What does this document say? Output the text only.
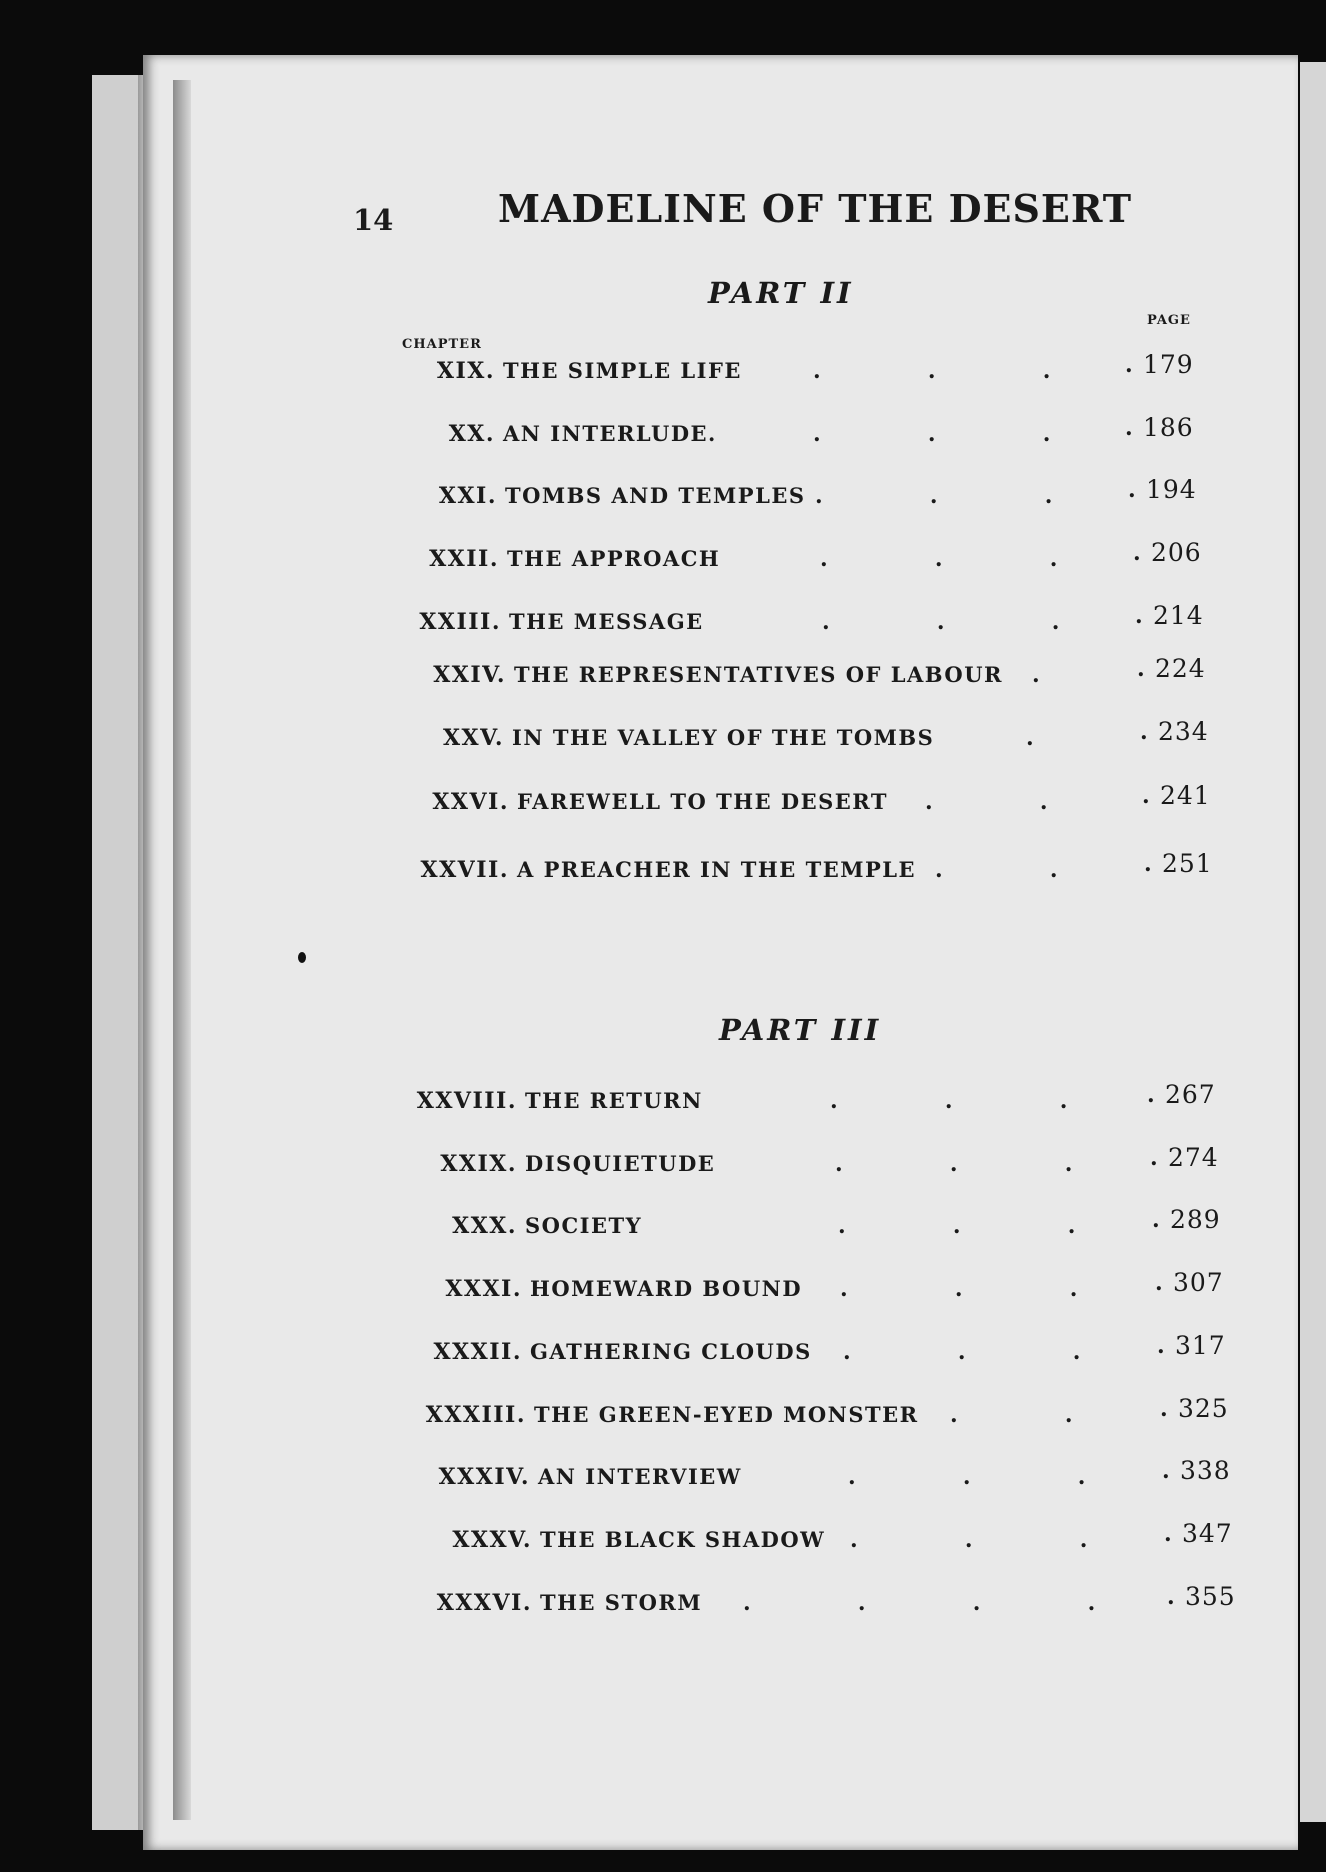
14	MADELINE OF THE DESERT
PART II
CHAPTER
PAGE
XIX. THE SIMPLE LIFE	.              .              .	179
.
XX. AN INTERLUDE.	.              .              .	186
.
XXI. TOMBS AND TEMPLES .              .              .	194
.
XXII. THE APPROACH	.              .              .	206
.
XXIII. THE MESSAGE	.              .              .	214
.
XXIV. THE REPRESENTATIVES OF LABOUR .	224
.
XXV. IN THE VALLEY OF THE TOMBS	.	234
.
XXVI. FAREWELL TO THE DESERT .              .	241
.
XXVII. A PREACHER IN THE TEMPLE .              .	251
.
PART III
XXVIII. THE RETURN	.              .              .	267
.
XXIX. DISQUIETUDE	.              .              .	274
.
XXX. SOCIETY	.              .              .	289
.
XXXI. HOMEWARD BOUND .              .              .	307
.
XXXII. GATHERING CLOUDS .              .              .	317
.
XXXIII. THE GREEN-EYED MONSTER .              .	325
.
XXXIV. AN INTERVIEW	.              .              .	338
.
XXXV. THE BLACK SHADOW .              .              .	347
.
XXXVI. THE STORM .              .              .              .	355
.
